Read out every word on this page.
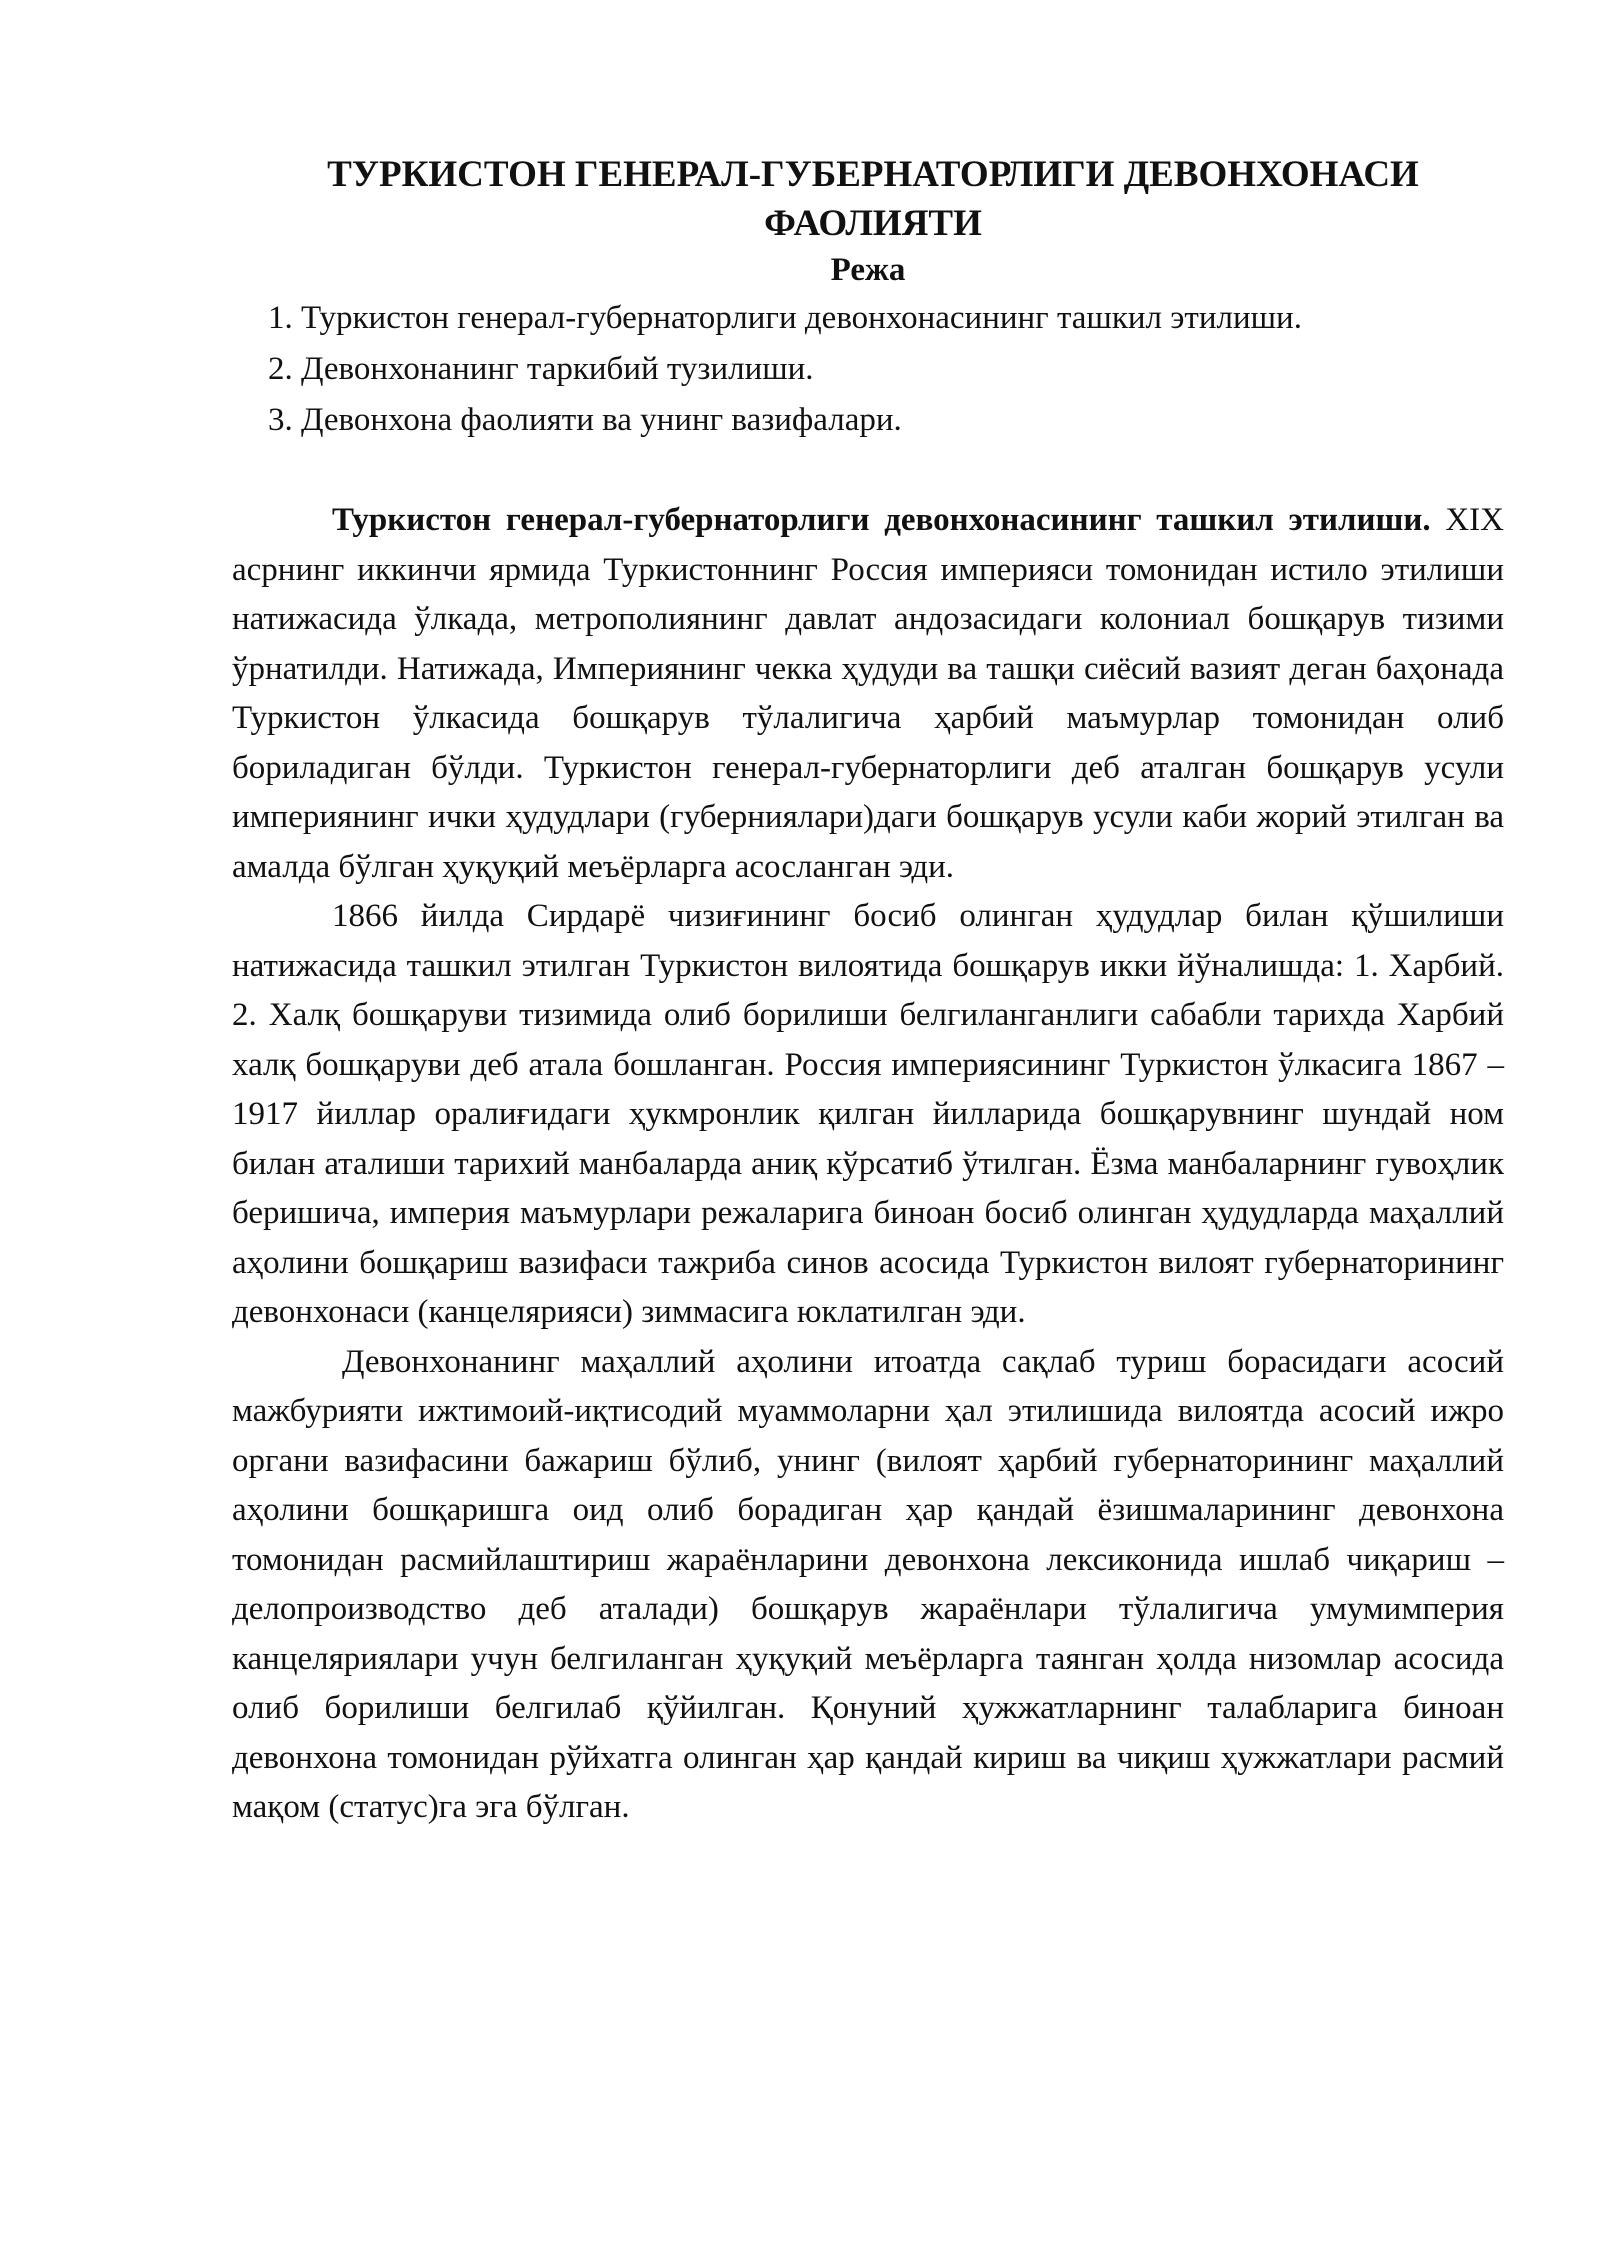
ТУРКИСТОН ГЕНЕРАЛ-ГУБЕРНАТОРЛИГИ ДЕВОНХОНАСИ ФАОЛИЯТИ
Режа
1. Туркистон генерал-губернаторлиги девонхонасининг ташкил этилиши.
2. Девонхонанинг таркибий тузилиши.
3. Девонхона фаолияти ва унинг вазифалари.

Туркистон генерал-губернаторлиги девонхонасининг ташкил этилиши. XIX асрнинг иккинчи ярмида Туркистоннинг Россия империяси томонидан истило этилиши натижасида ўлкада, метрополиянинг давлат андозасидаги колониал бошқарув тизими ўрнатилди. Натижада, Империянинг чекка ҳудуди ва ташқи сиёсий вазият деган баҳонада Туркистон ўлкасида бошқарув тўлалигича ҳарбий маъмурлар томонидан олиб бориладиган бўлди. Туркистон генерал-губернаторлиги деб аталган бошқарув усули империянинг ички ҳудудлари (губерниялари)даги бошқарув усули каби жорий этилган ва амалда бўлган ҳуқуқий меъёрларга асосланган эди.

1866 йилда Сирдарё чизиғининг босиб олинган ҳудудлар билан қўшилиши натижасида ташкил этилган Туркистон вилоятида бошқарув икки йўналишда: 1. Харбий. 2. Халқ бошқаруви тизимида олиб борилиши белгиланганлиги сабабли тарихда Харбий халқ бошқаруви деб атала бошланган. Россия империясининг Туркистон ўлкасига 1867 – 1917 йиллар оралиғидаги ҳукмронлик қилган йилларида бошқарувнинг шундай ном билан аталиши тарихий манбаларда аниқ кўрсатиб ўтилган. Ёзма манбаларнинг гувоҳлик беришича, империя маъмурлари режаларига биноан босиб олинган ҳудудларда маҳаллий аҳолини бошқариш вазифаси тажриба синов асосида Туркистон вилоят губернаторининг девонхонаси (канцелярияси) зиммасига юклатилган эди.

Девонхонанинг маҳаллий аҳолини итоатда сақлаб туриш борасидаги асосий мажбурияти ижтимоий-иқтисодий муаммоларни ҳал этилишида вилоятда асосий ижро органи вазифасини бажариш бўлиб, унинг (вилоят ҳарбий губернаторининг маҳаллий аҳолини бошқаришга оид олиб борадиган ҳар қандай ёзишмаларининг девонхона томонидан расмийлаштириш жараёнларини девонхона лексиконида ишлаб чиқариш – делопроизводство деб аталади) бошқарув жараёнлари тўлалигича умумимперия канцеляриялари учун белгиланган ҳуқуқий меъёрларга таянган ҳолда низомлар асосида олиб борилиши белгилаб қўйилган. Қонуний ҳужжатларнинг талабларига биноан девонхона томонидан рўйхатга олинган ҳар қандай кириш ва чиқиш ҳужжатлари расмий мақом (статус)га эга бўлган.
